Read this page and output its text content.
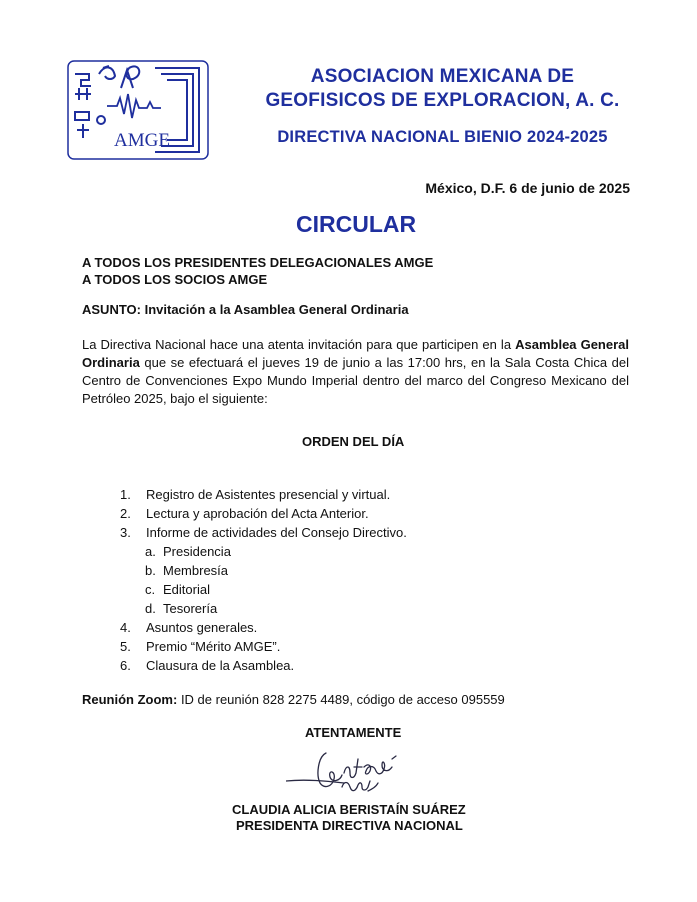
AMGE
ASOCIACION MEXICANA DE
GEOFISICOS DE EXPLORACION, A. C.
DIRECTIVA NACIONAL BIENIO 2024-2025
México, D.F. 6 de junio de 2025
CIRCULAR
A TODOS LOS PRESIDENTES DELEGACIONALES AMGE
A TODOS LOS SOCIOS AMGE
ASUNTO: Invitación a la Asamblea General Ordinaria
La Directiva Nacional hace una atenta invitación para que participen en la Asamblea General Ordinaria que se efectuará el jueves 19 de junio a las 17:00 hrs, en la Sala Costa Chica del Centro de Convenciones Expo Mundo Imperial dentro del marco del Congreso Mexicano del Petróleo 2025, bajo el siguiente:
ORDEN DEL DÍA
1. Registro de Asistentes presencial y virtual.
2. Lectura y aprobación del Acta Anterior.
3. Informe de actividades del Consejo Directivo.
a. Presidencia
b. Membresía
c. Editorial
d. Tesorería
4. Asuntos generales.
5. Premio “Mérito AMGE”.
6. Clausura de la Asamblea.
Reunión Zoom: ID de reunión 828 2275 4489, código de acceso 095559
ATENTAMENTE
CLAUDIA ALICIA BERISTAÍN SUÁREZ
PRESIDENTA DIRECTIVA NACIONAL
